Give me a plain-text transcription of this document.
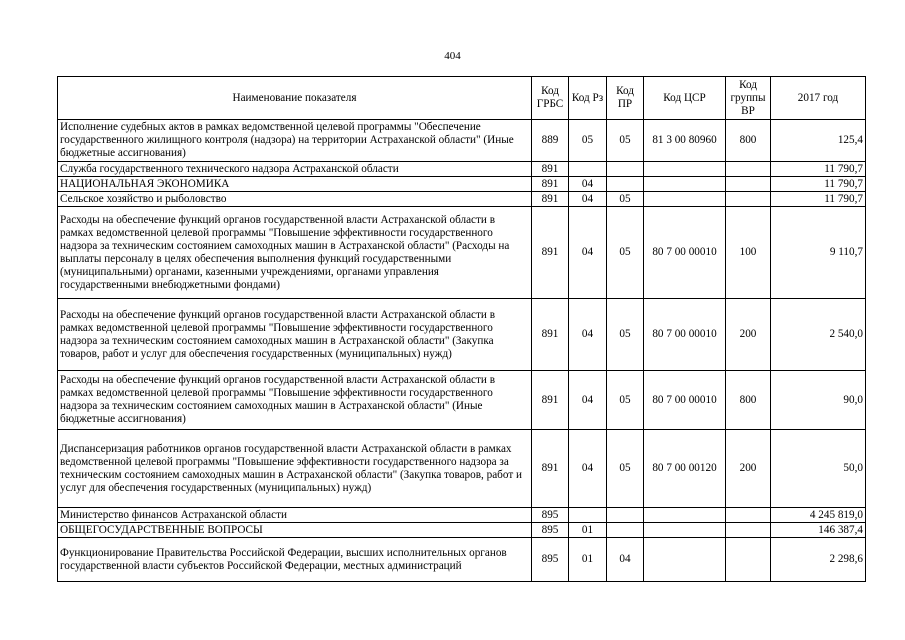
404
Наименование показателя	Код ГРБС	Код Рз	Код ПР	Код ЦСР	Код группы ВР	2017 год
Исполнение судебных актов в рамках ведомственной целевой программы "Обеспечение государственного жилищного контроля (надзора) на территории Астраханской области" (Иные бюджетные ассигнования)	889	05	05	81 3 00 80960	800	125,4
Служба государственного технического надзора Астраханской области	891					11 790,7
НАЦИОНАЛЬНАЯ ЭКОНОМИКА	891	04				11 790,7
Сельское хозяйство и рыболовство	891	04	05			11 790,7
Расходы на обеспечение функций органов государственной власти Астраханской области в рамках ведомственной целевой программы "Повышение эффективности государственного надзора за техническим состоянием самоходных машин в Астраханской области" (Расходы на выплаты персоналу в целях обеспечения выполнения функций государственными (муниципальными) органами, казенными учреждениями, органами управления государственными внебюджетными фондами)	891	04	05	80 7 00 00010	100	9 110,7
Расходы на обеспечение функций органов государственной власти Астраханской области в рамках ведомственной целевой программы "Повышение эффективности государственного надзора за техническим состоянием самоходных машин в Астраханской области" (Закупка товаров, работ и услуг для обеспечения государственных (муниципальных) нужд)	891	04	05	80 7 00 00010	200	2 540,0
Расходы на обеспечение функций органов государственной власти Астраханской области в рамках ведомственной целевой программы "Повышение эффективности государственного надзора за техническим состоянием самоходных машин в Астраханской области" (Иные бюджетные ассигнования)	891	04	05	80 7 00 00010	800	90,0
Диспансеризация работников органов государственной власти Астраханской области в рамках ведомственной целевой программы "Повышение эффективности государственного надзора за техническим состоянием самоходных машин в Астраханской области" (Закупка товаров, работ и услуг для обеспечения государственных (муниципальных) нужд)	891	04	05	80 7 00 00120	200	50,0
Министерство финансов Астраханской области	895					4 245 819,0
ОБЩЕГОСУДАРСТВЕННЫЕ ВОПРОСЫ	895	01				146 387,4
Функционирование Правительства Российской Федерации, высших исполнительных органов государственной власти субъектов Российской Федерации, местных администраций	895	01	04			2 298,6
